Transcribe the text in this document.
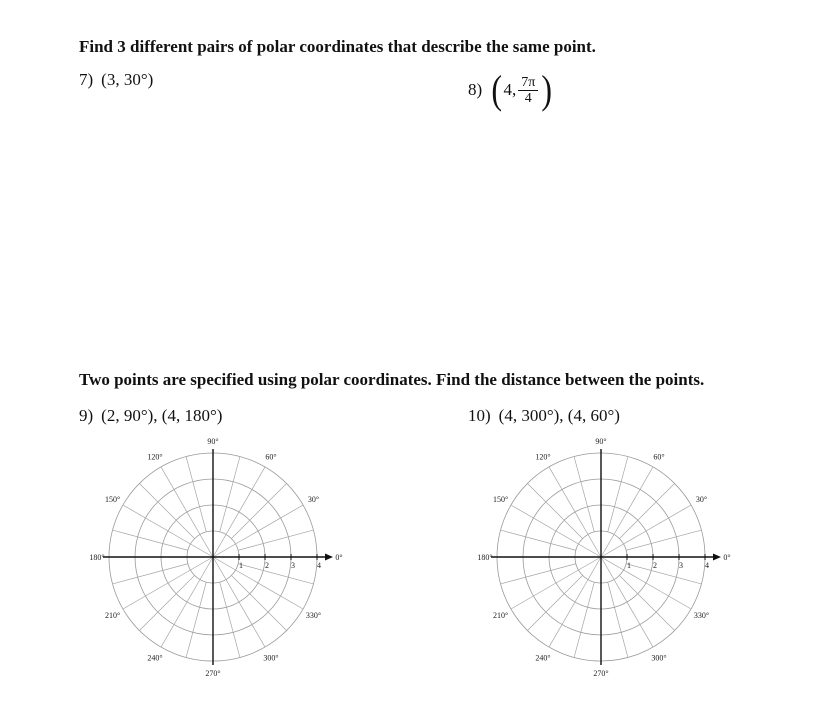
Find 3 different pairs of polar coordinates that describe the same point.
7) (3, 30°)
8) ( 4, $\frac{7\pi}{4}$ )
Two points are specified using polar coordinates. Find the distance between the points.
9) (2, 90°), (4, 180°)	10) (4, 300°), (4, 60°)
1	2	3	4
0°
30°
60°
90°
120°
150°
180°
210°
240°
270°
300°
330°
1	2	3	4
0°
30°
60°
90°
120°
150°
180°
210°
240°
270°
300°
330°
